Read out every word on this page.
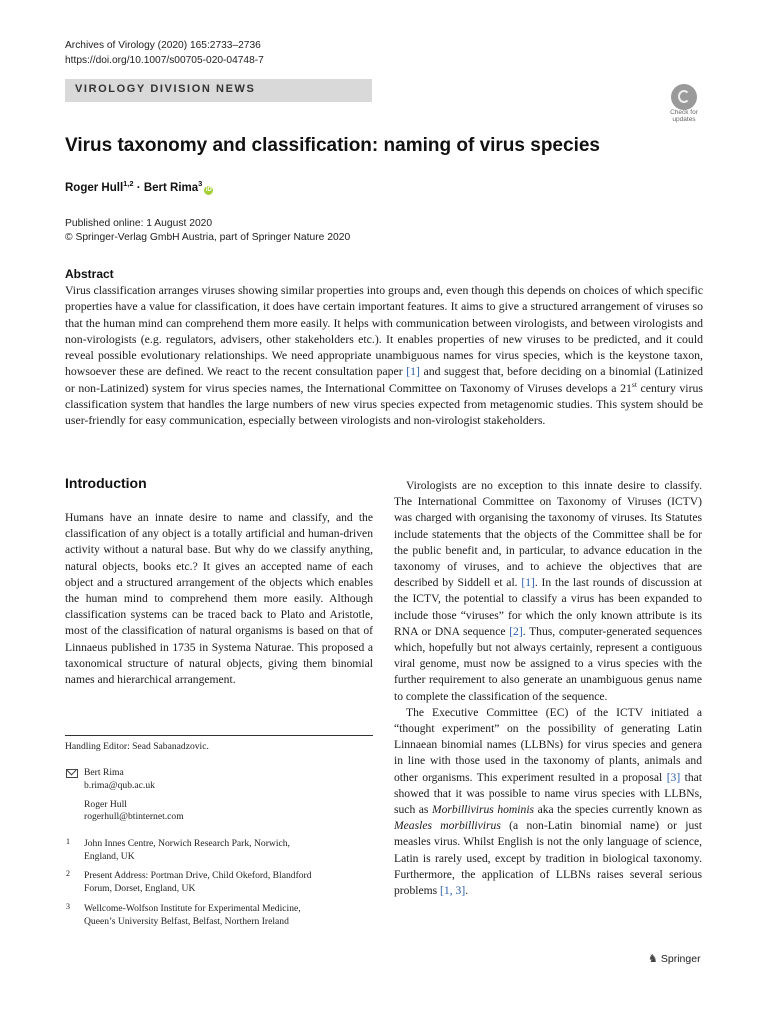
Archives of Virology (2020) 165:2733–2736
https://doi.org/10.1007/s00705-020-04748-7
VIROLOGY DIVISION NEWS
Check for updates
Virus taxonomy and classification: naming of virus species
Roger Hull$^{1,2}$ · Bert Rima$^3$iD
Published online: 1 August 2020
© Springer-Verlag GmbH Austria, part of Springer Nature 2020
Abstract
Virus classification arranges viruses showing similar properties into groups and, even though this depends on choices of which specific properties have a value for classification, it does have certain important features. It aims to give a structured arrangement of viruses so that the human mind can comprehend them more easily. It helps with communication between virologists, and between virologists and non-virologists (e.g. regulators, advisers, other stakeholders etc.). It enables properties of new viruses to be predicted, and it could reveal possible evolutionary relationships. We need appropriate unambiguous names for virus species, which is the keystone taxon, howsoever these are defined. We react to the recent consultation paper [1] and suggest that, before deciding on a binomial (Latinized or non-Latinized) system for virus species names, the International Committee on Taxonomy of Viruses develops a 21st century virus classification system that handles the large numbers of new virus species expected from metagenomic studies. This system should be user-friendly for easy communication, especially between virologists and non-virologist stakeholders.
Introduction

Humans have an innate desire to name and classify, and the classification of any object is a totally artificial and human-driven activity without a natural base. But why do we classify anything, natural objects, books etc.? It gives an accepted name of each object and a structured arrangement of the objects which enables the human mind to comprehend them more easily. Although classification systems can be traced back to Plato and Aristotle, most of the classification of natural organisms is based on that of Linnaeus published in 1735 in Systema Naturae. This proposed a taxonomical structure of natural objects, giving them binomial names and hierarchical arrangement.

Virologists are no exception to this innate desire to classify. The International Committee on Taxonomy of Viruses (ICTV) was charged with organising the taxonomy of viruses. Its Statutes include statements that the objects of the Committee shall be for the public benefit and, in particular, to advance education in the taxonomy of viruses, and to achieve the objectives that are described by Siddell et al. [1]. In the last rounds of discussion at the ICTV, the potential to classify a virus has been expanded to include those “viruses” for which the only known attribute is its RNA or DNA sequence [2]. Thus, computer-generated sequences which, hopefully but not always certainly, represent a contiguous viral genome, must now be assigned to a virus species with the further requirement to also generate an unambiguous genus name to complete the classification of the sequence.

The Executive Committee (EC) of the ICTV initiated a “thought experiment” on the possibility of generating Latin Linnaean binomial names (LLBNs) for virus species and genera in line with those used in the taxonomy of plants, animals and other organisms. This experiment resulted in a proposal [3] that showed that it was possible to name virus species with LLBNs, such as Morbillivirus hominis aka the species currently known as Measles morbillivirus (a non-Latin binomial name) or just measles virus. Whilst English is not the only language of science, Latin is rarely used, except by tradition in biological taxonomy. Furthermore, the application of LLBNs raises several serious problems [1, 3].

Handling Editor: Sead Sabanadzovic.
Bert Rima
b.rima@qub.ac.uk
Roger Hull
rogerhull@btinternet.com
1 John Innes Centre, Norwich Research Park, Norwich,
England, UK
2 Present Address: Portman Drive, Child Okeford, Blandford
Forum, Dorset, England, UK
3 Wellcome-Wolfson Institute for Experimental Medicine,
Queen’s University Belfast, Belfast, Northern Ireland
♞ Springer
